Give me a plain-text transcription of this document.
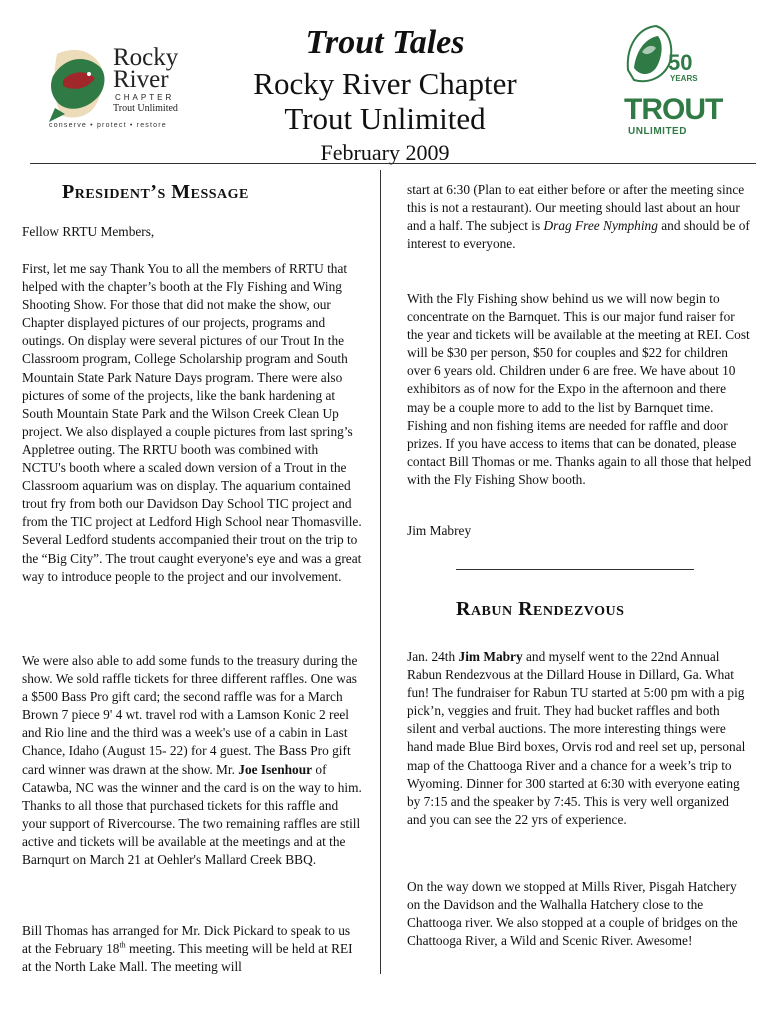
Rocky
River
CHAPTER
Trout Unlimited
conserve • protect • restore
50
YEARS
TROUT
UNLIMITED
Trout Tales
Rocky River Chapter
Trout Unlimited
February 2009
President’s Message

Fellow RRTU Members,

First, let me say Thank You to all the members of RRTU that helped with the chapter’s booth at the Fly Fishing and Wing Shooting Show. For those that did not make the show, our Chapter displayed pictures of our projects, programs and outings. On display were several pictures of our Trout In the Classroom program, College Scholarship program and South Mountain State Park Nature Days program. There were also pictures of some of the projects, like the bank hardening at South Mountain State Park and the Wilson Creek Clean Up project. We also displayed a couple pictures from last spring’s Appletree outing. The RRTU booth was combined with NCTU's booth where a scaled down version of a Trout in the Classroom aquarium was on display. The aquarium contained trout fry from both our Davidson Day School TIC project and from the TIC project at Ledford High School near Thomasville. Several Ledford students accompanied their trout on the trip to the “Big City”. The trout caught everyone's eye and was a great way to introduce people to the project and our involvement.

We were also able to add some funds to the treasury during the show. We sold raffle tickets for three different raffles. One was a $500 Bass Pro gift card; the second raffle was for a March Brown 7 piece 9' 4 wt. travel rod with a Lamson Konic 2 reel and Rio line and the third was a week's use of a cabin in Last Chance, Idaho (August 15- 22) for 4 guest. The Bass Pro gift card winner was drawn at the show. Mr. Joe Isenhour of Catawba, NC was the winner and the card is on the way to him. Thanks to all those that purchased tickets for this raffle and your support of Rivercourse. The two remaining raffles are still active and tickets will be available at the meetings and at the Barnqurt on March 21 at Oehler's Mallard Creek BBQ.

Bill Thomas has arranged for Mr. Dick Pickard to speak to us at the February 18th meeting. This meeting will be held at REI at the North Lake Mall. The meeting will

start at 6:30 (Plan to eat either before or after the meeting since this is not a restaurant). Our meeting should last about an hour and a half. The subject is Drag Free Nymphing and should be of interest to everyone.

With the Fly Fishing show behind us we will now begin to concentrate on the Barnquet. This is our major fund raiser for the year and tickets will be available at the meeting at REI. Cost will be $30 per person, $50 for couples and $22 for children over 6 years old. Children under 6 are free. We have about 10 exhibitors as of now for the Expo in the afternoon and there may be a couple more to add to the list by Barnquet time. Fishing and non fishing items are needed for raffle and door prizes. If you have access to items that can be donated, please contact Bill Thomas or me. Thanks again to all those that helped with the Fly Fishing Show booth.

Jim Mabrey

Jan. 24th Jim Mabry and myself went to the 22nd Annual Rabun Rendezvous at the Dillard House in Dillard, Ga. What fun! The fundraiser for Rabun TU started at 5:00 pm with a pig pick’n, veggies and fruit. They had bucket raffles and both silent and verbal auctions. The more interesting things were hand made Blue Bird boxes, Orvis rod and reel set up, personal map of the Chattooga River and a chance for a week’s trip to Wyoming. Dinner for 300 started at 6:30 with everyone eating by 7:15 and the speaker by 7:45. This is very well organized and you can see the 22 yrs of experience.

On the way down we stopped at Mills River, Pisgah Hatchery on the Davidson and the Walhalla Hatchery close to the Chattooga river. We also stopped at a couple of bridges on the Chattooga River, a Wild and Scenic River. Awesome!

Rabun Rendezvous
